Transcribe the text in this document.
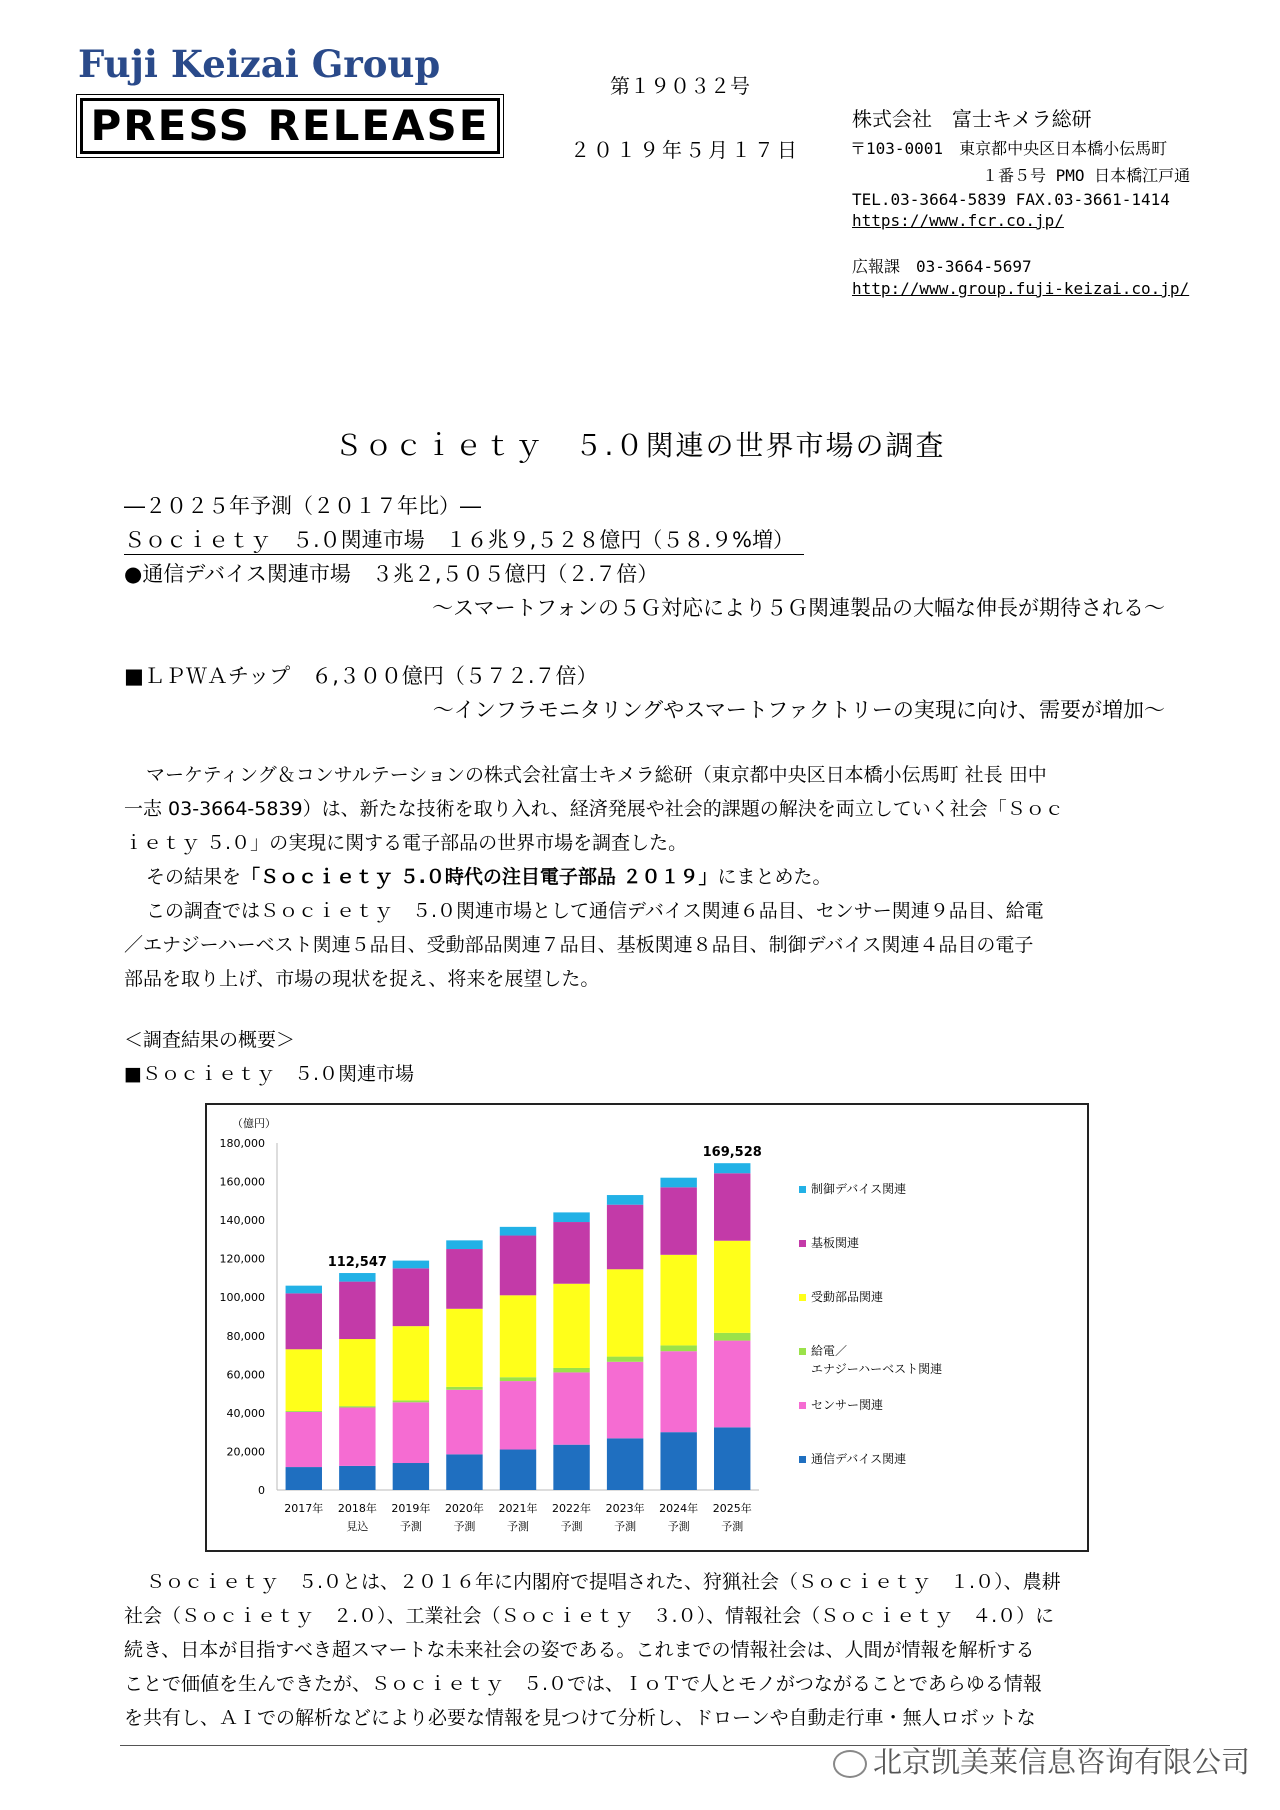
Fuji Keizai Group
PRESS RELEASE
第１９０３２号
２０１９年５月１７日
株式会社　富士キメラ総研
〒103-0001　東京都中央区日本橋小伝馬町
１番５号 PMO 日本橋江戸通
TEL.03-3664-5839 FAX.03-3661-1414
https://www.fcr.co.jp/
広報課　03-3664-5697
http://www.group.fuji-keizai.co.jp/
Ｓｏｃｉｅｔｙ　５.０関連の世界市場の調査
―２０２５年予測（２０１７年比）―
Ｓｏｃｉｅｔｙ　５.０関連市場　１６兆９,５２８億円（５８.９%増）
●通信デバイス関連市場　３兆２,５０５億円（２.７倍）
～スマートフォンの５Ｇ対応により５Ｇ関連製品の大幅な伸長が期待される～
■ＬＰＷＡチップ　６,３００億円（５７２.７倍）
～インフラモニタリングやスマートファクトリーの実現に向け、需要が増加～
マーケティング＆コンサルテーションの株式会社富士キメラ総研（東京都中央区日本橋小伝馬町 社長 田中
一志 03-3664-5839）は、新たな技術を取り入れ、経済発展や社会的課題の解決を両立していく社会「Ｓｏｃ
ｉｅｔｙ ５.０」の実現に関する電子部品の世界市場を調査した。
その結果を「Ｓｏｃｉｅｔｙ ５.０時代の注目電子部品 ２０１９」にまとめた。
この調査ではＳｏｃｉｅｔｙ　５.０関連市場として通信デバイス関連６品目、センサー関連９品目、給電
／エナジーハーベスト関連５品目、受動部品関連７品目、基板関連８品目、制御デバイス関連４品目の電子
部品を取り上げ、市場の現状を捉え、将来を展望した。
＜調査結果の概要＞
■Ｓｏｃｉｅｔｙ　５.０関連市場
（億円）
0
20,000
40,000
60,000
80,000
100,000
120,000
140,000
160,000
180,000
2017年 2018年
見込
112,547
2019年
予測
2020年
予測
2021年
予測
2022年
予測
2023年
予測
2024年
予測
2025年
予測
169,528
制御デバイス関連
基板関連
受動部品関連
給電／
エナジーハーベスト関連
センサー関連
通信デバイス関連
Ｓｏｃｉｅｔｙ　５.０とは、２０１６年に内閣府で提唱された、狩猟社会（Ｓｏｃｉｅｔｙ　１.０）、農耕
社会（Ｓｏｃｉｅｔｙ　２.０）、工業社会（Ｓｏｃｉｅｔｙ　３.０）、情報社会（Ｓｏｃｉｅｔｙ　４.０）に
続き、日本が目指すべき超スマートな未来社会の姿である。これまでの情報社会は、人間が情報を解析する
ことで価値を生んできたが、Ｓｏｃｉｅｔｙ　５.０では、ＩｏＴで人とモノがつながることであらゆる情報
を共有し、ＡＩでの解析などにより必要な情報を見つけて分析し、ドローンや自動走行車・無人ロボットな
北京凯美莱信息咨询有限公司
